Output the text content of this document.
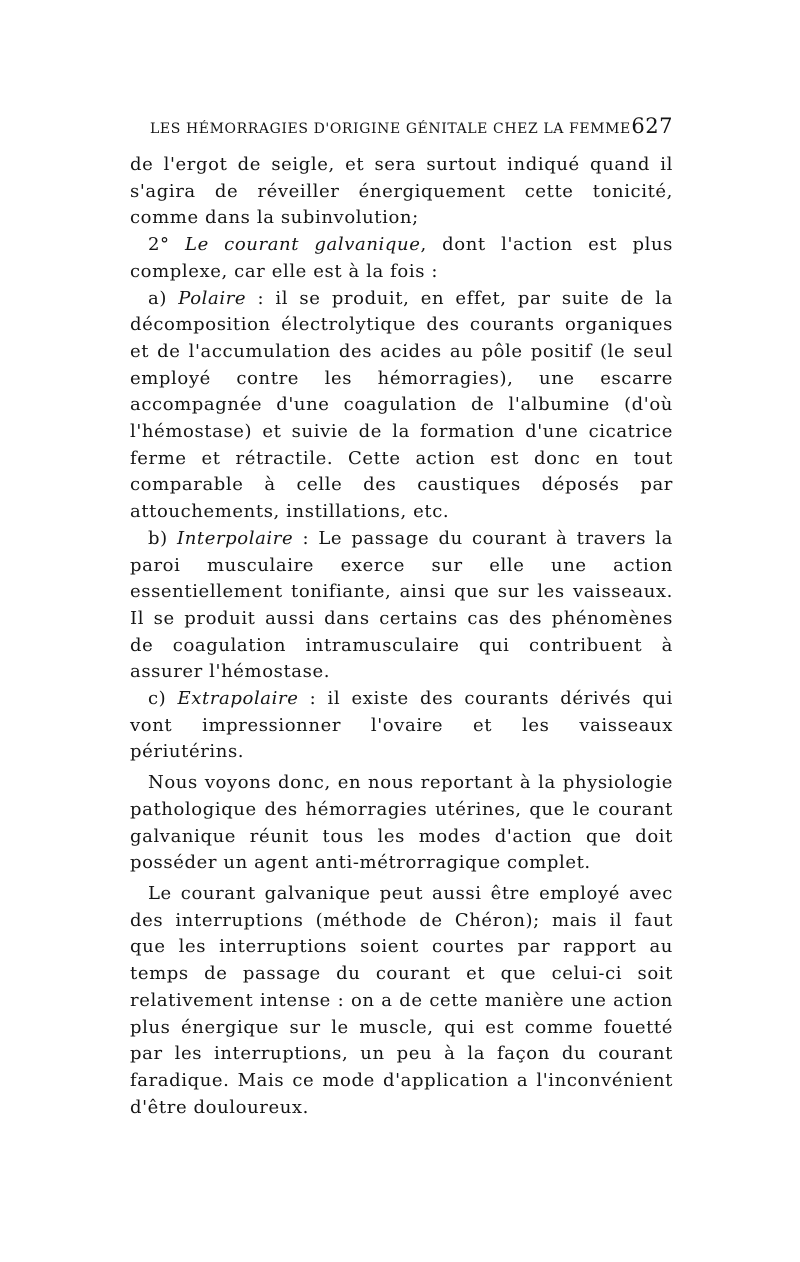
LES HÉMORRAGIES D'ORIGINE GÉNITALE CHEZ LA FEMME 627

de l'ergot de seigle, et sera surtout indiqué quand il s'agira de réveiller énergiquement cette tonicité, comme dans la subinvolution;

2° Le courant galvanique, dont l'action est plus complexe, car elle est à la fois :

a) Polaire : il se produit, en effet, par suite de la décomposition électrolytique des courants organiques et de l'accumulation des acides au pôle positif (le seul employé contre les hémorragies), une escarre accompagnée d'une coagulation de l'albumine (d'où l'hémostase) et suivie de la formation d'une cicatrice ferme et rétractile. Cette action est donc en tout comparable à celle des caustiques déposés par attouchements, instillations, etc.

b) Interpolaire : Le passage du courant à travers la paroi musculaire exerce sur elle une action essentiellement tonifiante, ainsi que sur les vaisseaux. Il se produit aussi dans certains cas des phénomènes de coagulation intramusculaire qui contribuent à assurer l'hémostase.

c) Extrapolaire : il existe des courants dérivés qui vont impressionner l'ovaire et les vaisseaux périutérins.

Nous voyons donc, en nous reportant à la physiologie pathologique des hémorragies utérines, que le courant galvanique réunit tous les modes d'action que doit posséder un agent anti-métrorragique complet.

Le courant galvanique peut aussi être employé avec des interruptions (méthode de Chéron); mais il faut que les interruptions soient courtes par rapport au temps de passage du courant et que celui-ci soit relativement intense : on a de cette manière une action plus énergique sur le muscle, qui est comme fouetté par les interruptions, un peu à la façon du courant faradique. Mais ce mode d'application a l'inconvénient d'être douloureux.
